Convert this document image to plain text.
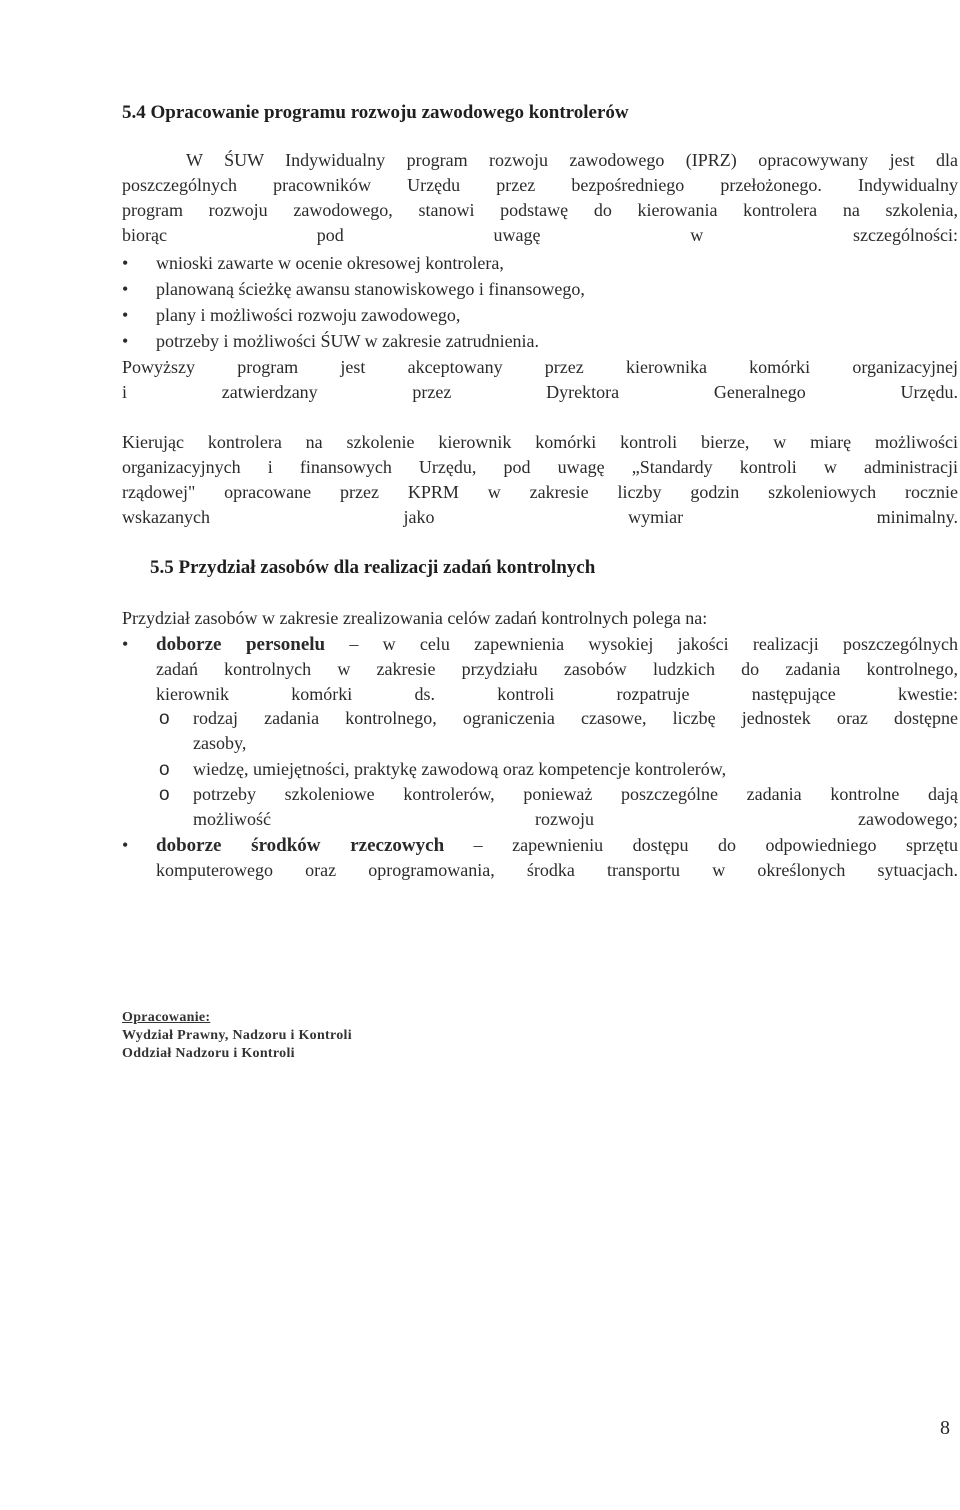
5.4 Opracowanie programu rozwoju zawodowego kontrolerów
W ŚUW Indywidualny program rozwoju zawodowego (IPRZ) opracowywany jest dla
poszczególnych pracowników Urzędu przez bezpośredniego przełożonego. Indywidualny
program rozwoju zawodowego, stanowi podstawę do kierowania kontrolera na szkolenia,
biorąc pod uwagę w szczególności:
• wnioski zawarte w ocenie okresowej kontrolera,
• planowaną ścieżkę awansu stanowiskowego i finansowego,
• plany i możliwości rozwoju zawodowego,
• potrzeby i możliwości ŚUW w zakresie zatrudnienia.
Powyższy program jest akceptowany przez kierownika komórki organizacyjnej
i zatwierdzany przez Dyrektora Generalnego Urzędu.
Kierując kontrolera na szkolenie kierownik komórki kontroli bierze, w miarę możliwości
organizacyjnych i finansowych Urzędu, pod uwagę „Standardy kontroli w administracji
rządowej" opracowane przez KPRM w zakresie liczby godzin szkoleniowych rocznie
wskazanych jako wymiar minimalny.
5.5 Przydział zasobów dla realizacji zadań kontrolnych

Przydział zasobów w zakresie zrealizowania celów zadań kontrolnych polega na:

• doborze personelu – w celu zapewnienia wysokiej jakości realizacji poszczególnych
zadań kontrolnych w zakresie przydziału zasobów ludzkich do zadania kontrolnego,
kierownik komórki ds. kontroli rozpatruje następujące kwestie:
o rodzaj zadania kontrolnego, ograniczenia czasowe, liczbę jednostek oraz dostępne
zasoby,
o wiedzę, umiejętności, praktykę zawodową oraz kompetencje kontrolerów,

o potrzeby szkoleniowe kontrolerów, ponieważ poszczególne zadania kontrolne dają
możliwość rozwoju zawodowego;
• doborze środków rzeczowych – zapewnieniu dostępu do odpowiedniego sprzętu
komputerowego oraz oprogramowania, środka transportu w określonych sytuacjach.
Opracowanie:
Wydział Prawny, Nadzoru i Kontroli
Oddział Nadzoru i Kontroli
8
